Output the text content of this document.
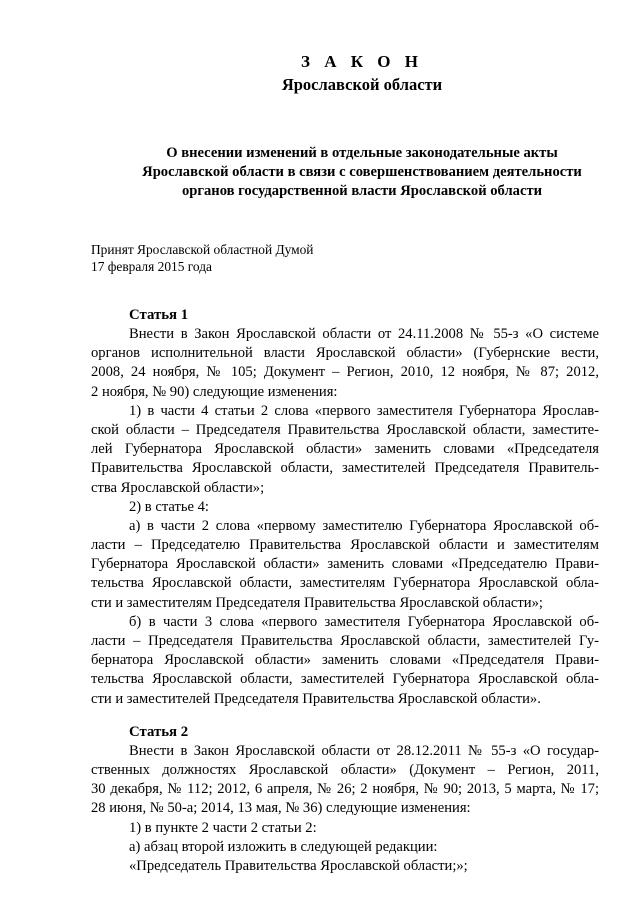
З А К О Н
Ярославской области
О внесении изменений в отдельные законодательные акты
Ярославской области в связи с совершенствованием деятельности
органов государственной власти Ярославской области
Принят Ярославской областной Думой
17 февраля 2015 года
Статья 1
Внести в Закон Ярославской области от 24.11.2008 № 55-з «О системе
органов исполнительной власти Ярославской области» (Губернские вести,
2008, 24 ноября, № 105; Документ – Регион, 2010, 12 ноября, № 87; 2012,
2 ноября, № 90) следующие изменения:
1) в части 4 статьи 2 слова «первого заместителя Губернатора Ярослав-
ской области – Председателя Правительства Ярославской области, заместите-
лей Губернатора Ярославской области» заменить словами «Председателя
Правительства Ярославской области, заместителей Председателя Правитель-
ства Ярославской области»;
2) в статье 4:
а) в части 2 слова «первому заместителю Губернатора Ярославской об-
ласти – Председателю Правительства Ярославской области и заместителям
Губернатора Ярославской области» заменить словами «Председателю Прави-
тельства Ярославской области, заместителям Губернатора Ярославской обла-
сти и заместителям Председателя Правительства Ярославской области»;
б) в части 3 слова «первого заместителя Губернатора Ярославской об-
ласти – Председателя Правительства Ярославской области, заместителей Гу-
бернатора Ярославской области» заменить словами «Председателя Прави-
тельства Ярославской области, заместителей Губернатора Ярославской обла-
сти и заместителей Председателя Правительства Ярославской области».
Статья 2
Внести в Закон Ярославской области от 28.12.2011 № 55-з «О государ-
ственных должностях Ярославской области» (Документ – Регион, 2011,
30 декабря, № 112; 2012, 6 апреля, № 26; 2 ноября, № 90; 2013, 5 марта, № 17;
28 июня, № 50-а; 2014, 13 мая, № 36) следующие изменения:
1) в пункте 2 части 2 статьи 2:
а) абзац второй изложить в следующей редакции:
«Председатель Правительства Ярославской области;»;
